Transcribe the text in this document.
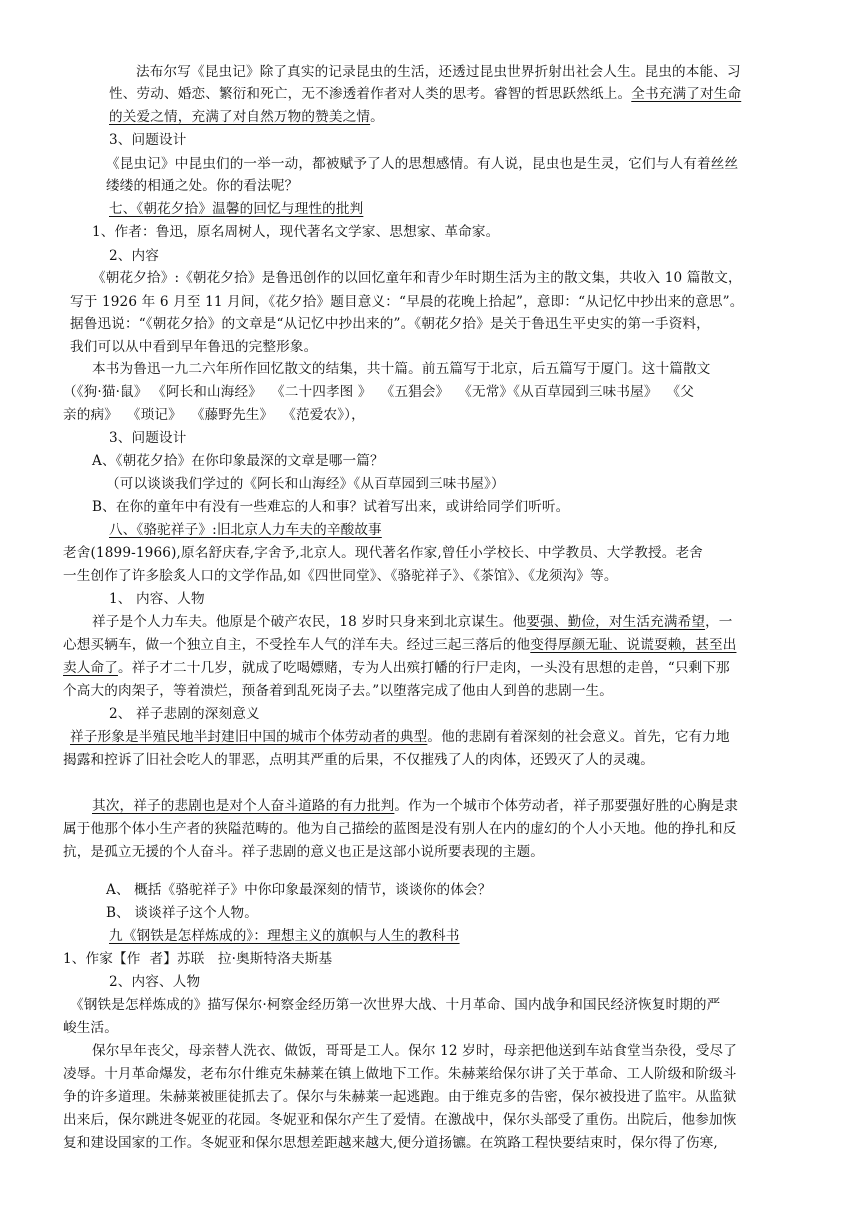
法布尔写《昆虫记》除了真实的记录昆虫的生活，还透过昆虫世界折射出社会人生。昆虫的本能、习
性、劳动、婚恋、繁衍和死亡，无不渗透着作者对人类的思考。睿智的哲思跃然纸上。全书充满了对生命
的关爱之情，充满了对自然万物的赞美之情。
3、问题设计
《昆虫记》中昆虫们的一举一动，都被赋予了人的思想感情。有人说，昆虫也是生灵，它们与人有着丝丝
缕缕的相通之处。你的看法呢？
七、《朝花夕拾》温馨的回忆与理性的批判
1、作者：鲁迅，原名周树人，现代著名文学家、思想家、革命家。
2、内容
《朝花夕拾》:《朝花夕拾》是鲁迅创作的以回忆童年和青少年时期生活为主的散文集，共收入 10 篇散文，
写于 1926 年 6 月至 11 月间，《花夕拾》题目意义：“早晨的花晚上拾起”，意即：“从记忆中抄出来的意思”。
据鲁迅说：“《朝花夕拾》的文章是“从记忆中抄出来的”。《朝花夕拾》是关于鲁迅生平史实的第一手资料，
我们可以从中看到早年鲁迅的完整形象。
本书为鲁迅一九二六年所作回忆散文的结集，共十篇。前五篇写于北京，后五篇写于厦门。这十篇散文
（《狗·猫·鼠》 《阿长和山海经》  《二十四孝图 》  《五猖会》  《无常》《从百草园到三味书屋》  《父
亲的病》  《琐记》  《藤野先生》  《范爱农》），
3、问题设计
A、《朝花夕拾》在你印象最深的文章是哪一篇？
（可以谈谈我们学过的《阿长和山海经》《从百草园到三味书屋》）
B、在你的童年中有没有一些难忘的人和事？试着写出来，或讲给同学们听听。
八、《骆驼祥子》:旧北京人力车夫的辛酸故事
老舍(1899-1966),原名舒庆春,字舍予,北京人。现代著名作家,曾任小学校长、中学教员、大学教授。老舍
一生创作了许多脍炙人口的文学作品,如《四世同堂》、《骆驼祥子》、《茶馆》、《龙须沟》等。
1、 内容、人物
祥子是个人力车夫。他原是个破产农民，18 岁时只身来到北京谋生。他要强、勤俭，对生活充满希望，一
心想买辆车，做一个独立自主，不受拴车人气的洋车夫。经过三起三落后的他变得厚颜无耻、说谎耍赖，甚至出
卖人命了。祥子才二十几岁，就成了吃喝嫖赌，专为人出殡打幡的行尸走肉，一头没有思想的走兽，“只剩下那
个高大的肉架子，等着溃烂，预备着到乱死岗子去。”以堕落完成了他由人到兽的悲剧一生。
2、 祥子悲剧的深刻意义
祥子形象是半殖民地半封建旧中国的城市个体劳动者的典型。他的悲剧有着深刻的社会意义。首先，它有力地
揭露和控诉了旧社会吃人的罪恶，点明其严重的后果，不仅摧残了人的肉体，还毁灭了人的灵魂。
其次，祥子的悲剧也是对个人奋斗道路的有力批判。作为一个城市个体劳动者，祥子那要强好胜的心胸是隶
属于他那个体小生产者的狭隘范畴的。他为自己描绘的蓝图是没有别人在内的虚幻的个人小天地。他的挣扎和反
抗，是孤立无援的个人奋斗。祥子悲剧的意义也正是这部小说所要表现的主题。
A、 概括《骆驼祥子》中你印象最深刻的情节，谈谈你的体会？
B、 谈谈祥子这个人物。
九《钢铁是怎样炼成的》：理想主义的旗帜与人生的教科书
1、作家【作  者】苏联   拉·奥斯特洛夫斯基
2、内容、人物
《钢铁是怎样炼成的》描写保尔·柯察金经历第一次世界大战、十月革命、国内战争和国民经济恢复时期的严
峻生活。
保尔早年丧父，母亲替人洗衣、做饭，哥哥是工人。保尔 12 岁时，母亲把他送到车站食堂当杂役，受尽了
凌辱。十月革命爆发，老布尔什维克朱赫莱在镇上做地下工作。朱赫莱给保尔讲了关于革命、工人阶级和阶级斗
争的许多道理。朱赫莱被匪徒抓去了。保尔与朱赫莱一起逃跑。由于维克多的告密，保尔被投进了监牢。从监狱
出来后，保尔跳进冬妮亚的花园。冬妮亚和保尔产生了爱情。在激战中，保尔头部受了重伤。出院后，他参加恢
复和建设国家的工作。冬妮亚和保尔思想差距越来越大,便分道扬镳。在筑路工程快要结束时，保尔得了伤寒,
